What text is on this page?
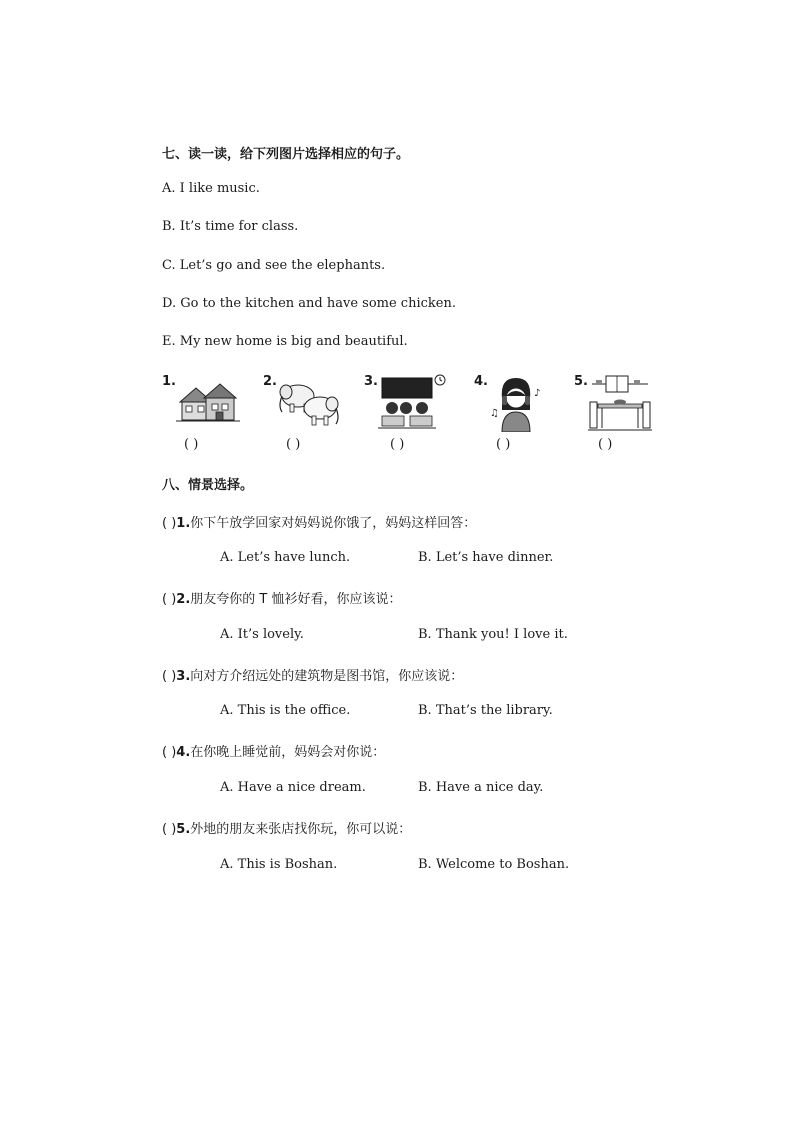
七、读一读，给下列图片选择相应的句子。
A. I like music.
B. It’s time for class.
C. Let’s go and see the elephants.
D. Go to the kitchen and have some chicken.
E. My new home is big and beautiful.
1.
( )
2.
( )
3.
( )
4.
♫
♪
( )
5.
( )
八、情景选择。
( )1.你下午放学回家对妈妈说你饿了，妈妈这样回答：
A. Let’s have lunch.	B. Let’s have dinner.
( )2.朋友夸你的 T 恤衫好看，你应该说：
A. It’s lovely.	B. Thank you! I love it.
( )3.向对方介绍远处的建筑物是图书馆，你应该说：
A. This is the office.	B. That’s the library.
( )4.在你晚上睡觉前，妈妈会对你说：
A. Have a nice dream.	B. Have a nice day.
( )5.外地的朋友来张店找你玩，你可以说：
A. This is Boshan.	B. Welcome to Boshan.
